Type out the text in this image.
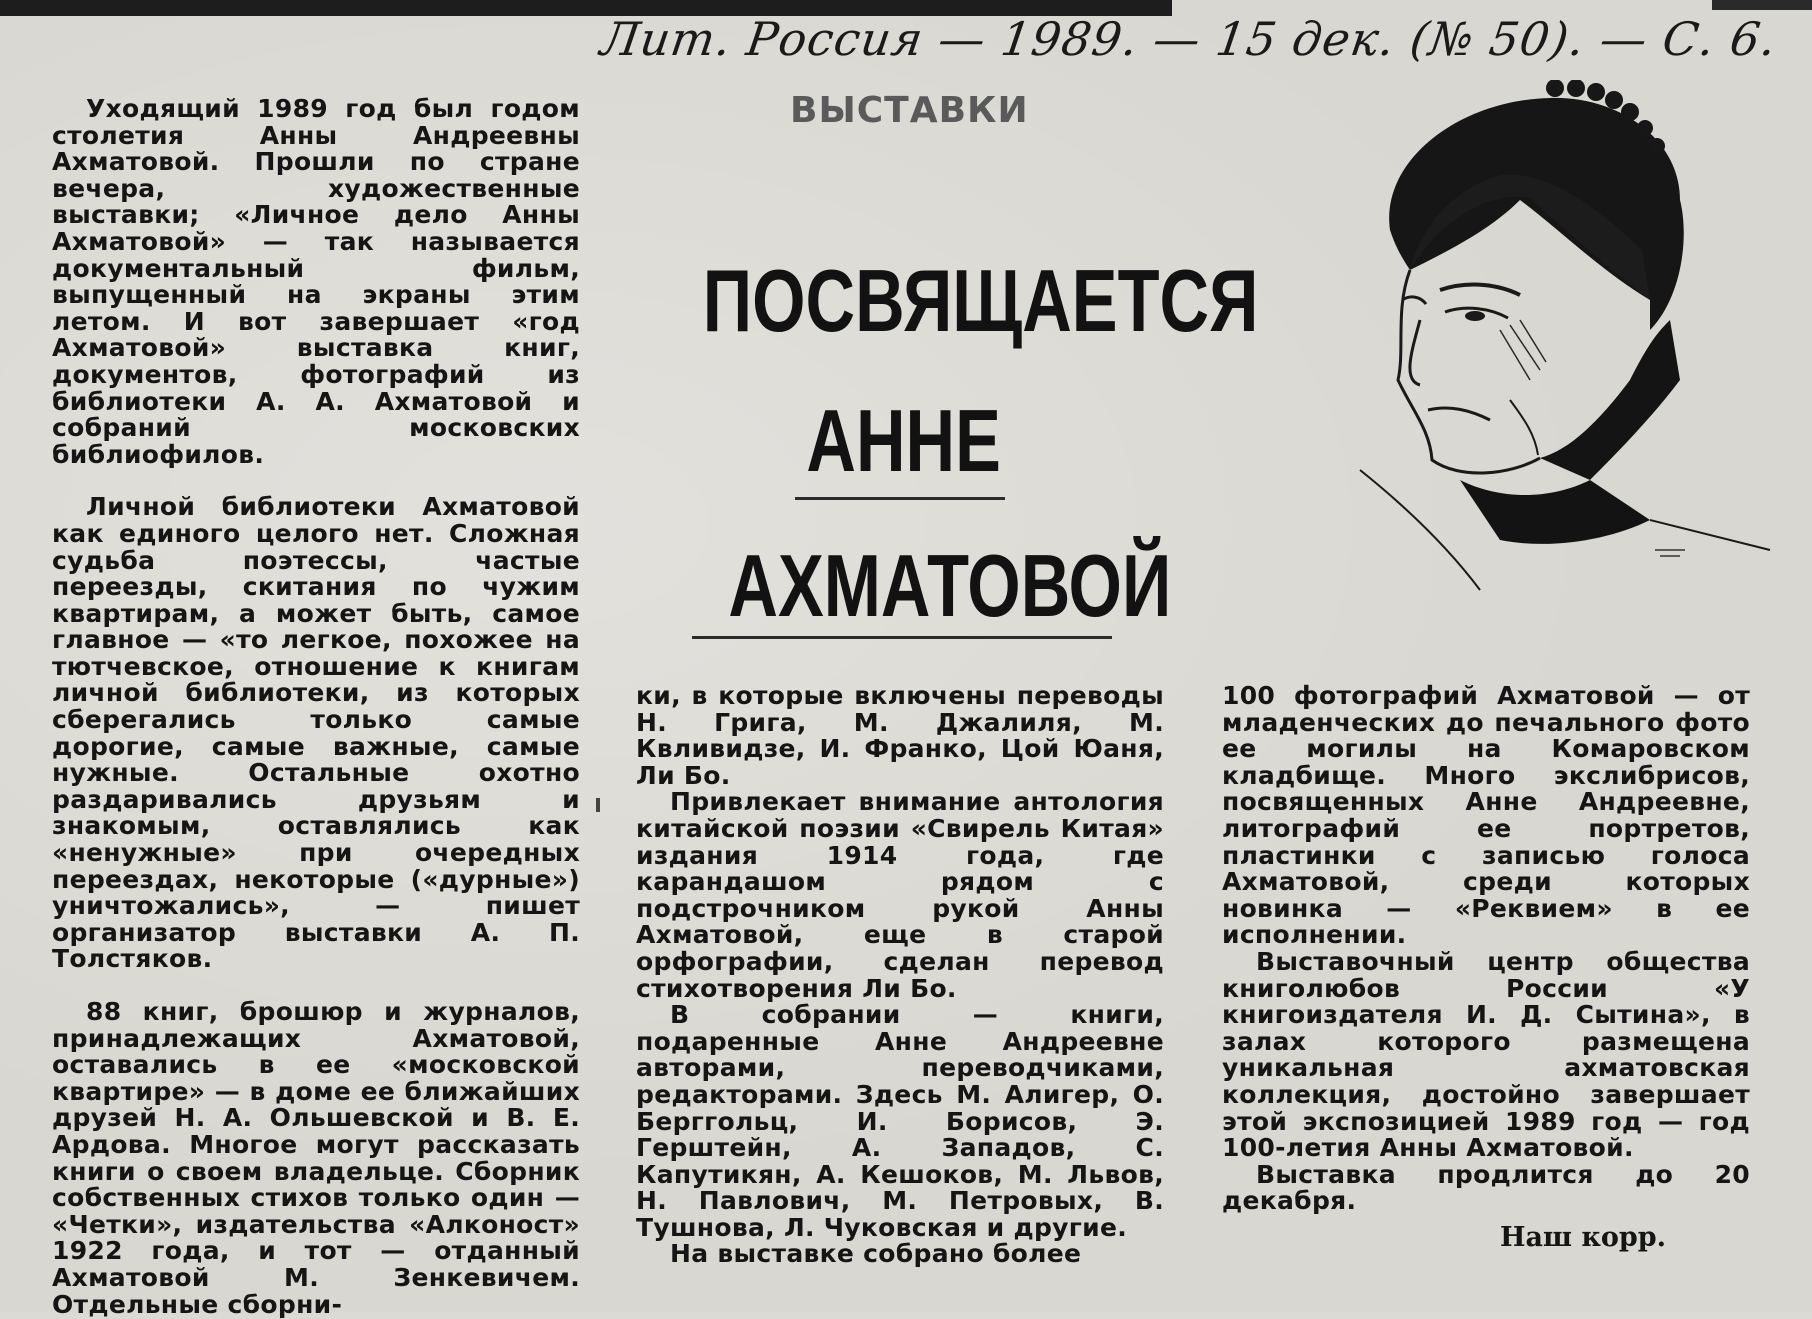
Лит. Россия — 1989. — 15 дек. (№ 50). — С. 6.
ВЫСТАВКИ
ПОСВЯЩАЕТСЯ
АННЕ
АХМАТОВОЙ

Уходящий 1989 год был годом столетия Анны Андреевны Ахматовой. Прошли по стране вечера, художественные выставки; «Личное дело Анны Ахматовой» — так называется документальный фильм, выпущенный на экраны этим летом. И вот завершает «год Ахматовой» выставка книг, документов, фотографий из библиотеки А. А. Ахматовой и собраний московских библиофилов.

Личной библиотеки Ахматовой как единого целого нет. Сложная судьба поэтессы, частые переезды, скитания по чужим квартирам, а может быть, самое главное — «то легкое, похожее на тютчевское, отношение к книгам личной библиотеки, из которых сберегались только самые дорогие, самые важные, самые нужные. Остальные охотно раздаривались друзьям и знакомым, оставлялись как «ненужные» при очередных переездах, некоторые («дурные») уничтожались», — пишет организатор выставки А. П. Толстяков.

88 книг, брошюр и журналов, принадлежащих Ахматовой, оставались в ее «московской квартире» — в доме ее ближайших друзей Н. А. Ольшевской и В. Е. Ардова. Многое могут рассказать книги о своем владельце. Сборник собственных стихов только один — «Четки», издательства «Алконост» 1922 года, и тот — отданный Ахматовой М. Зенкевичем. Отдельные сборни-

ки, в которые включены переводы Н. Грига, М. Джалиля, М. Квливидзе, И. Франко, Цой Юаня, Ли Бо.

Привлекает внимание антология китайской поэзии «Свирель Китая» издания 1914 года, где карандашом рядом с подстрочником рукой Анны Ахматовой, еще в старой орфографии, сделан перевод стихотворения Ли Бо.

В собрании — книги, подаренные Анне Андреевне авторами, переводчиками, редакторами. Здесь М. Алигер, О. Берггольц, И. Борисов, Э. Герштейн, А. Западов, С. Капутикян, А. Кешоков, М. Львов, Н. Павлович, М. Петровых, В. Тушнова, Л. Чуковская и другие.

На выставке собрано более

100 фотографий Ахматовой — от младенческих до печального фото ее могилы на Комаровском кладбище. Много экслибрисов, посвященных Анне Андреевне, литографий ее портретов, пластинки с записью голоса Ахматовой, среди которых новинка — «Реквием» в ее исполнении.

Выставочный центр общества книголюбов России «У книгоиздателя И. Д. Сытина», в залах которого размещена уникальная ахматовская коллекция, достойно завершает этой экспозицией 1989 год — год 100-летия Анны Ахматовой.

Выставка продлится до 20 декабря.

Наш корр.
